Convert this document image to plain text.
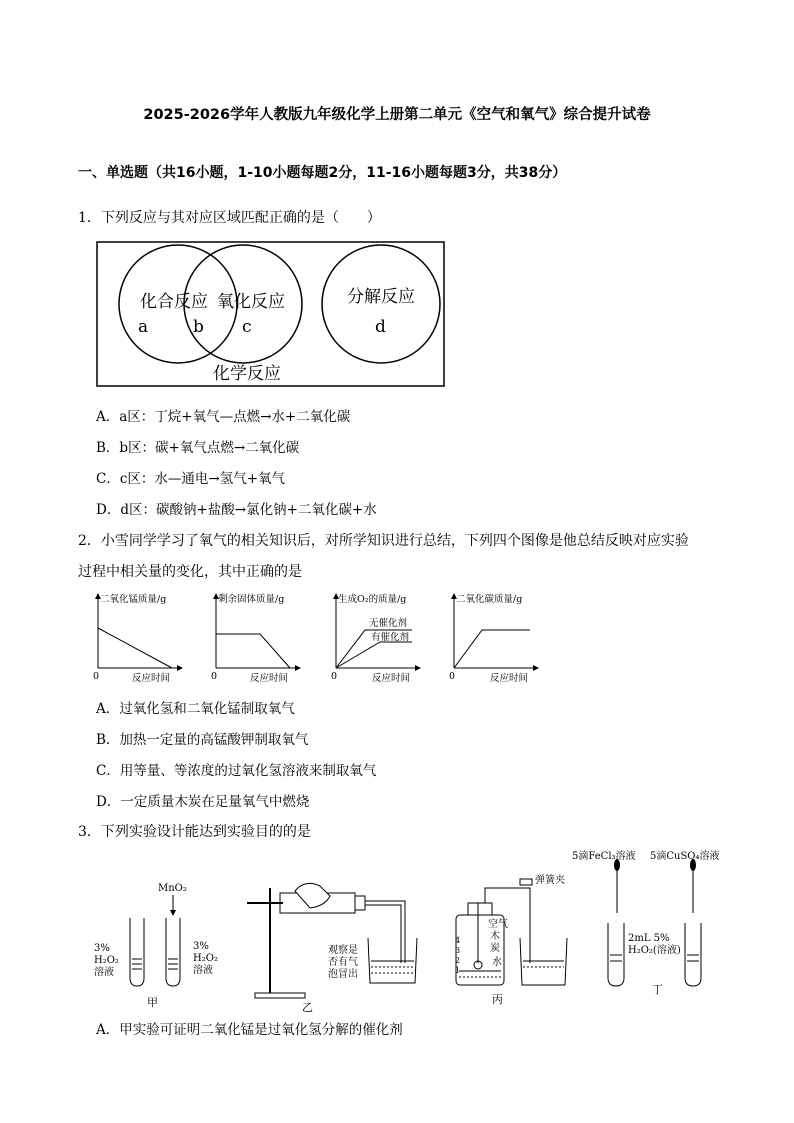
2025-2026学年人教版九年级化学上册第二单元《空气和氧气》综合提升试卷
一、单选题（共16小题，1-10小题每题2分，11-16小题每题3分，共38分）
1．下列反应与其对应区域匹配正确的是（　　）
化合反应
a	b
氧化反应
c
分解反应
d
化学反应
A．a区：丁烷+氧气—点燃→水+二氧化碳
B．b区：碳+氧气点燃→二氧化碳
C．c区：水—通电→氢气+氧气
D．d区：碳酸钠+盐酸→氯化钠+二氧化碳+水
2．小雪同学学习了氧气的相关知识后，对所学知识进行总结，下列四个图像是他总结反映对应实验
过程中相关量的变化，其中正确的是
二氧化锰质量/g
0	反应时间
剩余固体质量/g
0	反应时间
生成O₂的质量/g
无催化剂
有催化剂
0	反应时间
二氧化碳质量/g
0	反应时间
A．过氧化氢和二氧化锰制取氧气
B．加热一定量的高锰酸钾制取氧气
C．用等量、等浓度的过氧化氢溶液来制取氧气
D．一定质量木炭在足量氧气中燃烧
3．下列实验设计能达到实验目的的是
MnO₂
3%
H₂O₂
溶液
3%
H₂O₂
溶液
甲
观察是
否有气
泡冒出
乙
4
3
2
1
弹簧夹
空气
木
炭
水
丙
5滴FeCl₃溶液 5滴CuSO₄溶液
2mL 5%
H₂O₂(溶液)
丁
A．甲实验可证明二氧化锰是过氧化氢分解的催化剂
